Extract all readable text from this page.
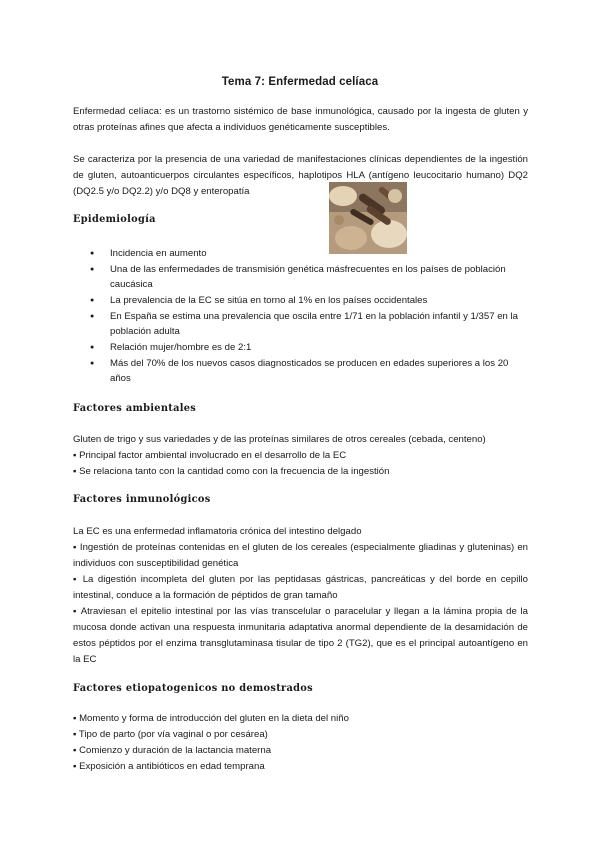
Tema 7: Enfermedad celíaca
Enfermedad celíaca: es un trastorno sistémico de base inmunológica, causado por la ingesta de gluten y otras proteínas afines que afecta a individuos genéticamente susceptibles.
Se caracteriza por la presencia de una variedad de manifestaciones clínicas dependientes de la ingestión de gluten, autoanticuerpos circulantes específicos, haplotipos HLA (antígeno leucocitario humano) DQ2 (DQ2.5 y/o DQ2.2) y/o DQ8 y enteropatía
Epidemiología
● Incidencia en aumento
● Una de las enfermedades de transmisión genética másfrecuentes en los países de población caucásica
● La prevalencia de la EC se sitúa en torno al 1% en los países occidentales
● En España se estima una prevalencia que oscila entre 1/71 en la población infantil y 1/357 en la población adulta
● Relación mujer/hombre es de 2:1
● Más del 70% de los nuevos casos diagnosticados se producen en edades superiores a los 20 años
Factores ambientales
Gluten de trigo y sus variedades y de las proteínas similares de otros cereales (cebada, centeno)
▪ Principal factor ambiental involucrado en el desarrollo de la EC
▪ Se relaciona tanto con la cantidad como con la frecuencia de la ingestión
Factores inmunológicos
La EC es una enfermedad inflamatoria crónica del intestino delgado
▪ Ingestión de proteínas contenidas en el gluten de los cereales (especialmente gliadinas y gluteninas) en individuos con susceptibilidad genética
▪ La digestión incompleta del gluten por las peptidasas gástricas, pancreáticas y del borde en cepillo intestinal, conduce a la formación de péptidos de gran tamaño
▪ Atraviesan el epitelio intestinal por las vías transcelular o paracelular y llegan a la lámina propia de la mucosa donde activan una respuesta inmunitaria adaptativa anormal dependiente de la desamidación de estos péptidos por el enzima transglutaminasa tisular de tipo 2 (TG2), que es el principal autoantígeno en la EC
Factores etiopatogenicos no demostrados
▪ Momento y forma de introducción del gluten en la dieta del niño
▪ Tipo de parto (por vía vaginal o por cesárea)
▪ Comienzo y duración de la lactancia materna
▪ Exposición a antibióticos en edad temprana
